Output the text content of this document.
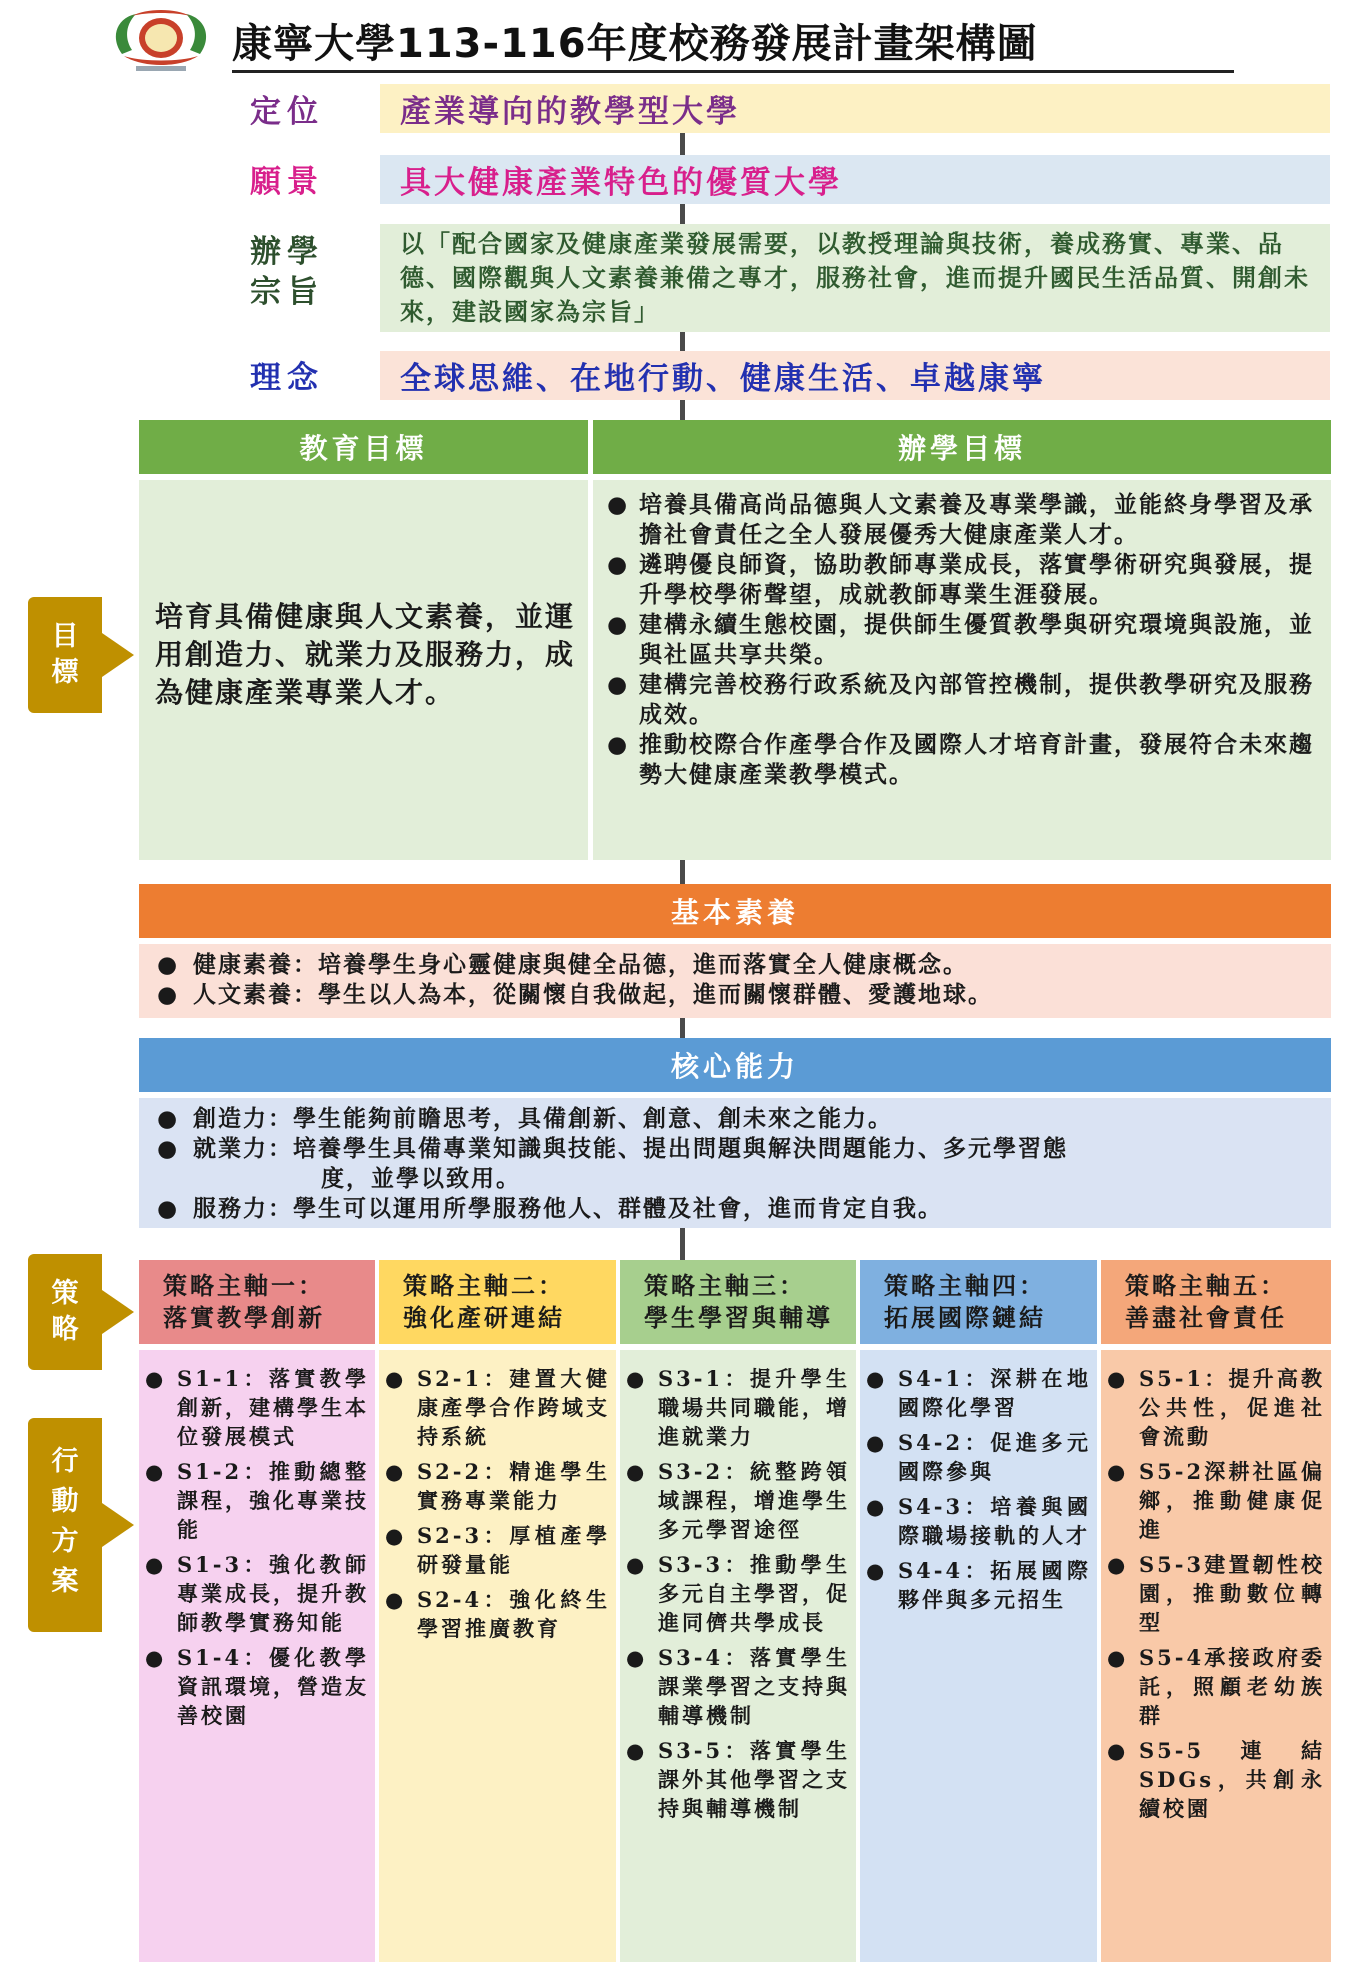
康寧大學113-116年度校務發展計畫架構圖
定位 產業導向的教學型大學
願景 具大健康產業特色的優質大學
辦學
宗旨
以「配合國家及健康產業發展需要，以教授理論與技術，養成務實、專業、品德、國際觀與人文素養兼備之專才，服務社會，進而提升國民生活品質、開創未來，建設國家為宗旨」
理念 全球思維、在地行動、健康生活、卓越康寧
教育目標	辦學目標
培育具備健康與人文素養，並運用創造力、就業力及服務力，成為健康產業專業人才。
● 培養具備高尚品德與人文素養及專業學識，並能終身學習及承擔社會責任之全人發展優秀大健康產業人才。
● 遴聘優良師資，協助教師專業成長，落實學術研究與發展，提升學校學術聲望，成就教師專業生涯發展。
● 建構永續生態校園，提供師生優質教學與研究環境與設施，並與社區共享共榮。
● 建構完善校務行政系統及內部管控機制，提供教學研究及服務成效。
● 推動校際合作產學合作及國際人才培育計畫，發展符合未來趨勢大健康產業教學模式。
目
標
策
略
行
動
方
案
基本素養
● 健康素養：培養學生身心靈健康與健全品德，進而落實全人健康概念。
● 人文素養：學生以人為本，從關懷自我做起，進而關懷群體、愛護地球。
核心能力
● 創造力：學生能夠前瞻思考，具備創新、創意、創未來之能力。
● 就業力：培養學生具備專業知識與技能、提出問題與解決問題能力、多元學習態
度，並學以致用。
● 服務力：學生可以運用所學服務他人、群體及社會，進而肯定自我。
策略主軸一：
落實教學創新
● S1-1：落實教學創新，建構學生本位發展模式
● S1-2：推動總整課程，強化專業技能
● S1-3：強化教師專業成長，提升教師教學實務知能
● S1-4：優化教學資訊環境，營造友善校園
策略主軸二：
強化產研連結
● S2-1：建置大健康產學合作跨域支持系統
● S2-2：精進學生實務專業能力
● S2-3：厚植產學研發量能
● S2-4：強化終生學習推廣教育
策略主軸三：
學生學習與輔導
● S3-1：提升學生職場共同職能，增進就業力
● S3-2：統整跨領域課程，增進學生多元學習途徑
● S3-3：推動學生多元自主學習，促進同儕共學成長
● S3-4：落實學生課業學習之支持與輔導機制
● S3-5：落實學生課外其他學習之支持與輔導機制
策略主軸四：
拓展國際鏈結
● S4-1：深耕在地國際化學習
● S4-2：促進多元國際參與
● S4-3：培養與國際職場接軌的人才
● S4-4：拓展國際夥伴與多元招生
策略主軸五：
善盡社會責任
● S5-1：提升高教公共性，促進社會流動
● S5-2深耕社區偏鄉，推動健康促進
● S5-3建置韌性校園，推動數位轉型
● S5-4承接政府委託，照顧老幼族群
● S5-5連結SDGs，共創永續校園
